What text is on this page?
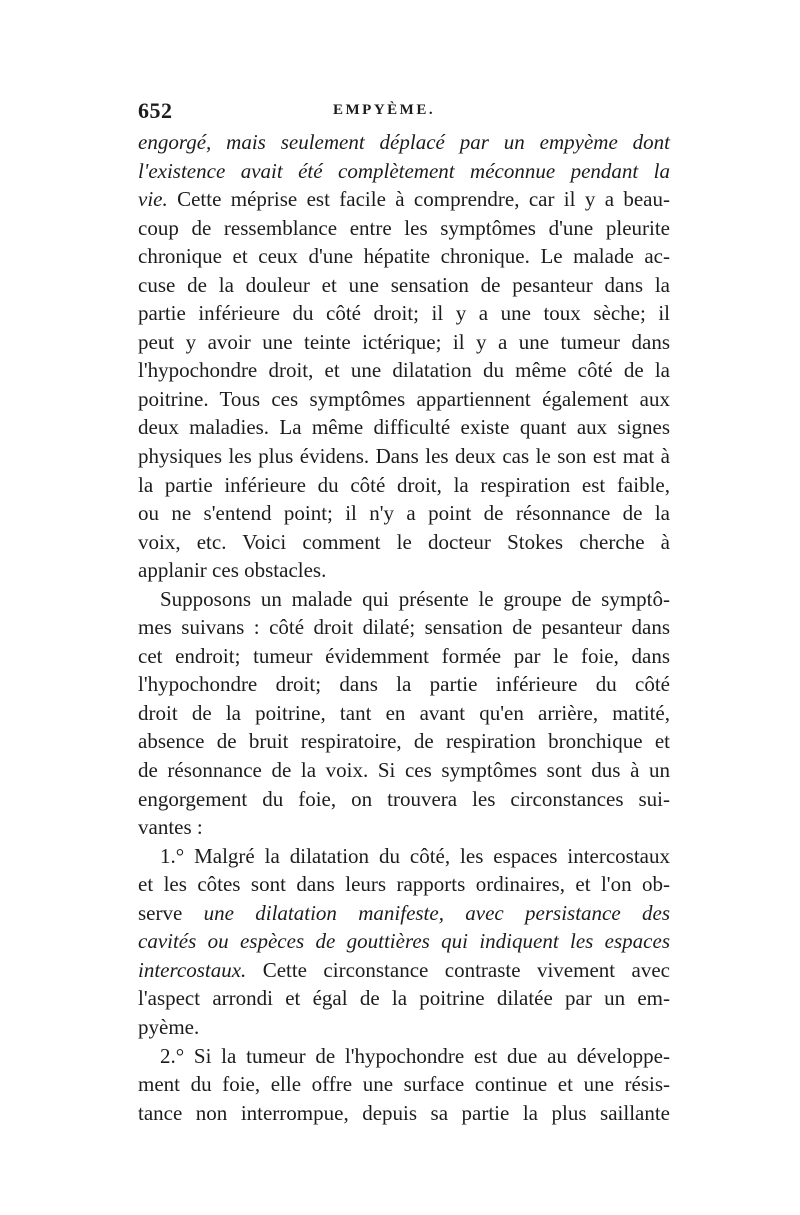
652	EMPYÈME.
engorgé, mais seulement déplacé par un empyème dont
l'existence avait été complètement méconnue pendant la
vie. Cette méprise est facile à comprendre, car il y a beau-
coup de ressemblance entre les symptômes d'une pleurite
chronique et ceux d'une hépatite chronique. Le malade ac-
cuse de la douleur et une sensation de pesanteur dans la
partie inférieure du côté droit; il y a une toux sèche; il
peut y avoir une teinte ictérique; il y a une tumeur dans
l'hypochondre droit, et une dilatation du même côté de la
poitrine. Tous ces symptômes appartiennent également aux
deux maladies. La même difficulté existe quant aux signes
physiques les plus évidens. Dans les deux cas le son est mat à
la partie inférieure du côté droit, la respiration est faible,
ou ne s'entend point; il n'y a point de résonnance de la
voix, etc. Voici comment le docteur Stokes cherche à
applanir ces obstacles.
Supposons un malade qui présente le groupe de symptô-
mes suivans : côté droit dilaté; sensation de pesanteur dans
cet endroit; tumeur évidemment formée par le foie, dans
l'hypochondre droit; dans la partie inférieure du côté
droit de la poitrine, tant en avant qu'en arrière, matité,
absence de bruit respiratoire, de respiration bronchique et
de résonnance de la voix. Si ces symptômes sont dus à un
engorgement du foie, on trouvera les circonstances sui-
vantes :
1.° Malgré la dilatation du côté, les espaces intercostaux
et les côtes sont dans leurs rapports ordinaires, et l'on ob-
serve une dilatation manifeste, avec persistance des
cavités ou espèces de gouttières qui indiquent les espaces
intercostaux. Cette circonstance contraste vivement avec
l'aspect arrondi et égal de la poitrine dilatée par un em-
pyème.
2.° Si la tumeur de l'hypochondre est due au développe-
ment du foie, elle offre une surface continue et une résis-
tance non interrompue, depuis sa partie la plus saillante
